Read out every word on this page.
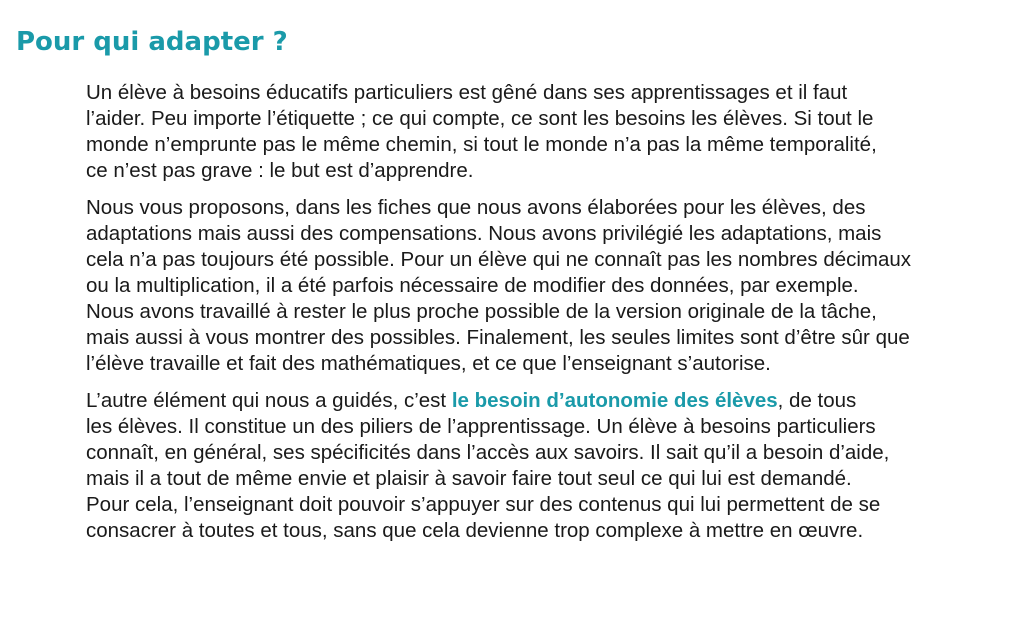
Pour qui adapter ?

Un élève à besoins éducatifs particuliers est gêné dans ses apprentissages et il faut
l’aider. Peu importe l’étiquette ; ce qui compte, ce sont les besoins les élèves. Si tout le
monde n’emprunte pas le même chemin, si tout le monde n’a pas la même temporalité,
ce n’est pas grave : le but est d’apprendre.

Nous vous proposons, dans les fiches que nous avons élaborées pour les élèves, des
adaptations mais aussi des compensations. Nous avons privilégié les adaptations, mais
cela n’a pas toujours été possible. Pour un élève qui ne connaît pas les nombres décimaux
ou la multiplication, il a été parfois nécessaire de modifier des données, par exemple.
Nous avons travaillé à rester le plus proche possible de la version originale de la tâche,
mais aussi à vous montrer des possibles. Finalement, les seules limites sont d’être sûr que
l’élève travaille et fait des mathématiques, et ce que l’enseignant s’autorise.

L’autre élément qui nous a guidés, c’est le besoin d’autonomie des élèves, de tous
les élèves. Il constitue un des piliers de l’apprentissage. Un élève à besoins particuliers
connaît, en général, ses spécificités dans l’accès aux savoirs. Il sait qu’il a besoin d’aide,
mais il a tout de même envie et plaisir à savoir faire tout seul ce qui lui est demandé.
Pour cela, l’enseignant doit pouvoir s’appuyer sur des contenus qui lui permettent de se
consacrer à toutes et tous, sans que cela devienne trop complexe à mettre en œuvre.
